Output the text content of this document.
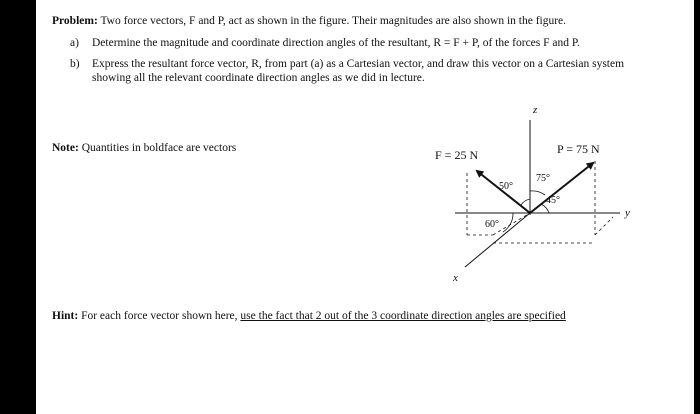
Problem: Two force vectors, F and P, act as shown in the figure. Their magnitudes are also shown in the figure.
a) Determine the magnitude and coordinate direction angles of the resultant, R = F + P, of the forces F and P.
b) Express the resultant force vector, R, from part (a) as a Cartesian vector, and draw this vector on a Cartesian system
showing all the relevant coordinate direction angles as we did in lecture.
Note: Quantities in boldface are vectors
Hint: For each force vector shown here, use the fact that 2 out of the 3 coordinate direction angles are specified
z
y
x
F = 25 N	P = 75 N
50°
75°
45°
60°
